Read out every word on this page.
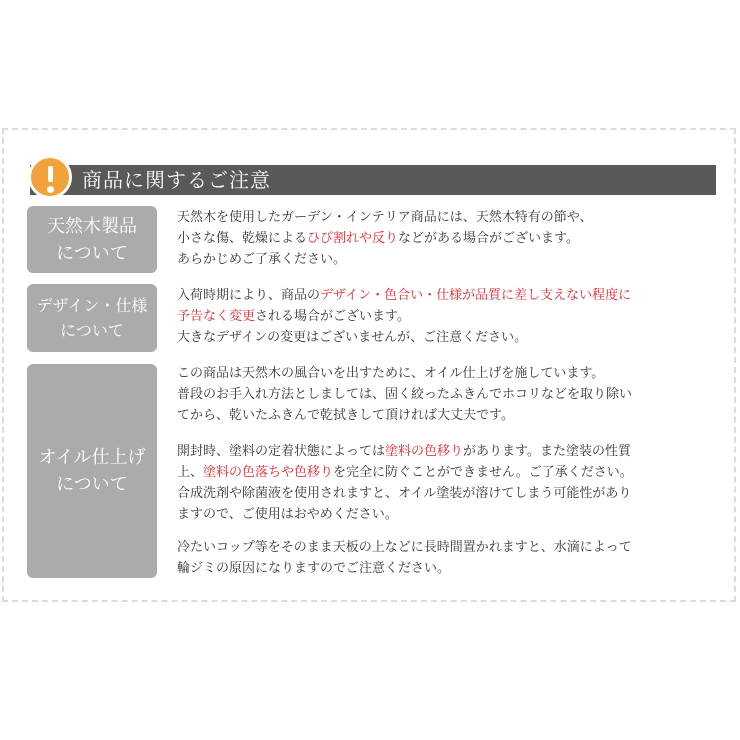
商品に関するご注意
天然木製品
について
天然木を使用したガーデン・インテリア商品には、天然木特有の節や、
小さな傷、乾燥によるひび割れや反りなどがある場合がございます。
あらかじめご了承ください。
デザイン・仕様
について
入荷時期により、商品のデザイン・色合い・仕様が品質に差し支えない程度に
予告なく変更される場合がございます。
大きなデザインの変更はございませんが、ご注意ください。
オイル仕上げ
について
この商品は天然木の風合いを出すために、オイル仕上げを施しています。
普段のお手入れ方法としましては、固く絞ったふきんでホコリなどを取り除い
てから、乾いたふきんで乾拭きして頂ければ大丈夫です。
開封時、塗料の定着状態によっては塗料の色移りがあります。また塗装の性質
上、塗料の色落ちや色移りを完全に防ぐことができません。ご了承ください。
合成洗剤や除菌液を使用されますと、オイル塗装が溶けてしまう可能性があり
ますので、ご使用はおやめください。
冷たいコップ等をそのまま天板の上などに長時間置かれますと、水滴によって
輪ジミの原因になりますのでご注意ください。
